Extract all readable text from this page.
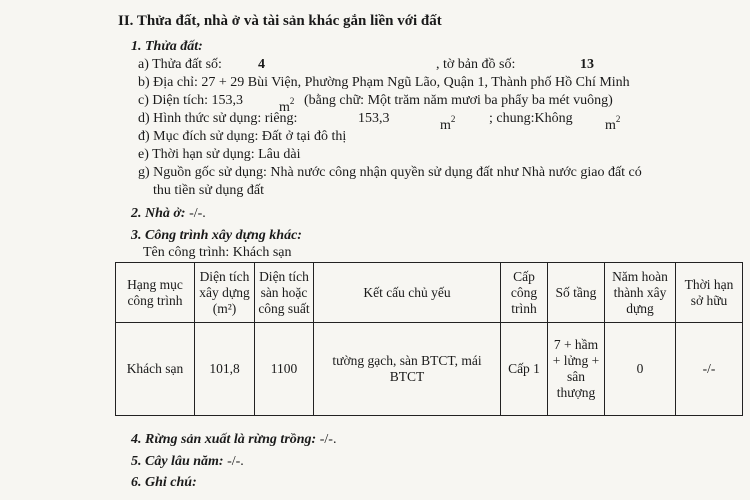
II. Thửa đất, nhà ở và tài sản khác gắn liền với đất
1. Thửa đất:
a) Thửa đất số:	4	, tờ bản đồ số:	13
b) Địa chỉ: 27 + 29 Bùi Viện, Phường Phạm Ngũ Lão, Quận 1, Thành phố Hồ Chí Minh
c) Diện tích: 153,3	$m^2$ (bằng chữ: Một trăm năm mươi ba phẩy ba mét vuông)
d) Hình thức sử dụng: riêng:	153,3	$m^2$ ; chung:Không $m^2$
đ) Mục đích sử dụng: Đất ở tại đô thị
e) Thời hạn sử dụng: Lâu dài
g) Nguồn gốc sử dụng: Nhà nước công nhận quyền sử dụng đất như Nhà nước giao đất có
thu tiền sử dụng đất
2. Nhà ở: -/-.
3. Công trình xây dựng khác:
Tên công trình: Khách sạn
Hạng mục công trình	Diện tích xây dựng (m²)	Diện tích sàn hoặc công suất	Kết cấu chủ yếu	Cấp công trình	Số tầng	Năm hoàn thành xây dựng	Thời hạn sở hữu
Khách sạn	101,8	1100	tường gạch, sàn BTCT, mái BTCT	Cấp 1	7 + hầm + lửng + sân thượng	0	-/-
4. Rừng sản xuất là rừng trồng: -/-.
5. Cây lâu năm: -/-.
6. Ghi chú:
